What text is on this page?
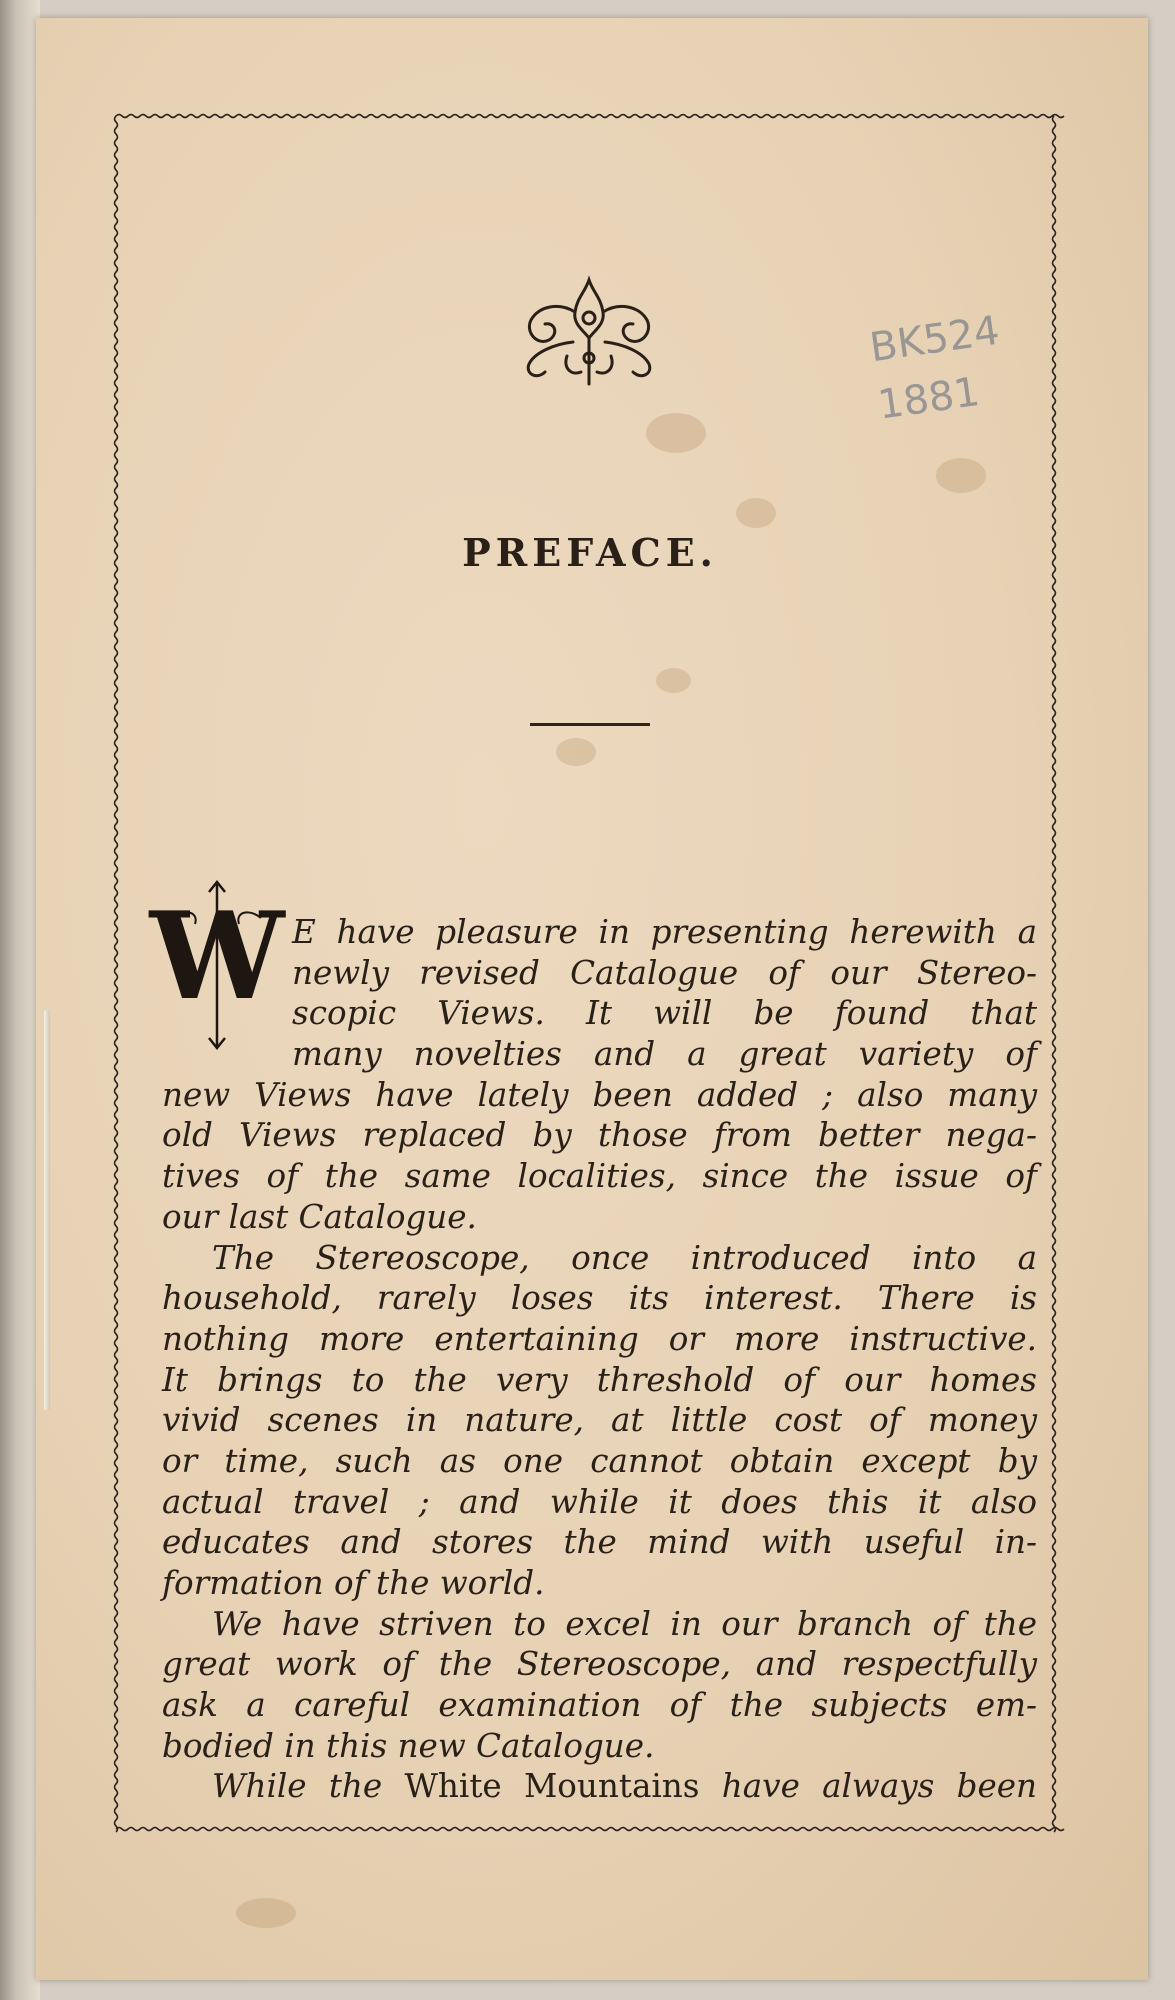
BK524
1881
PREFACE.
W E have pleasure in presenting herewith a
newly revised Catalogue of our Stereo-
scopic Views. It will be found that
many novelties and a great variety of
new Views have lately been added ; also many
old Views replaced by those from better nega-
tives of the same localities, since the issue of
our last Catalogue.
The Stereoscope, once introduced into a
household, rarely loses its interest. There is
nothing more entertaining or more instructive.
It brings to the very threshold of our homes
vivid scenes in nature, at little cost of money
or time, such as one cannot obtain except by
actual travel ; and while it does this it also
educates and stores the mind with useful in-
formation of the world.
We have striven to excel in our branch of the
great work of the Stereoscope, and respectfully
ask a careful examination of the subjects em-
bodied in this new Catalogue.
While the White Mountains have always been
